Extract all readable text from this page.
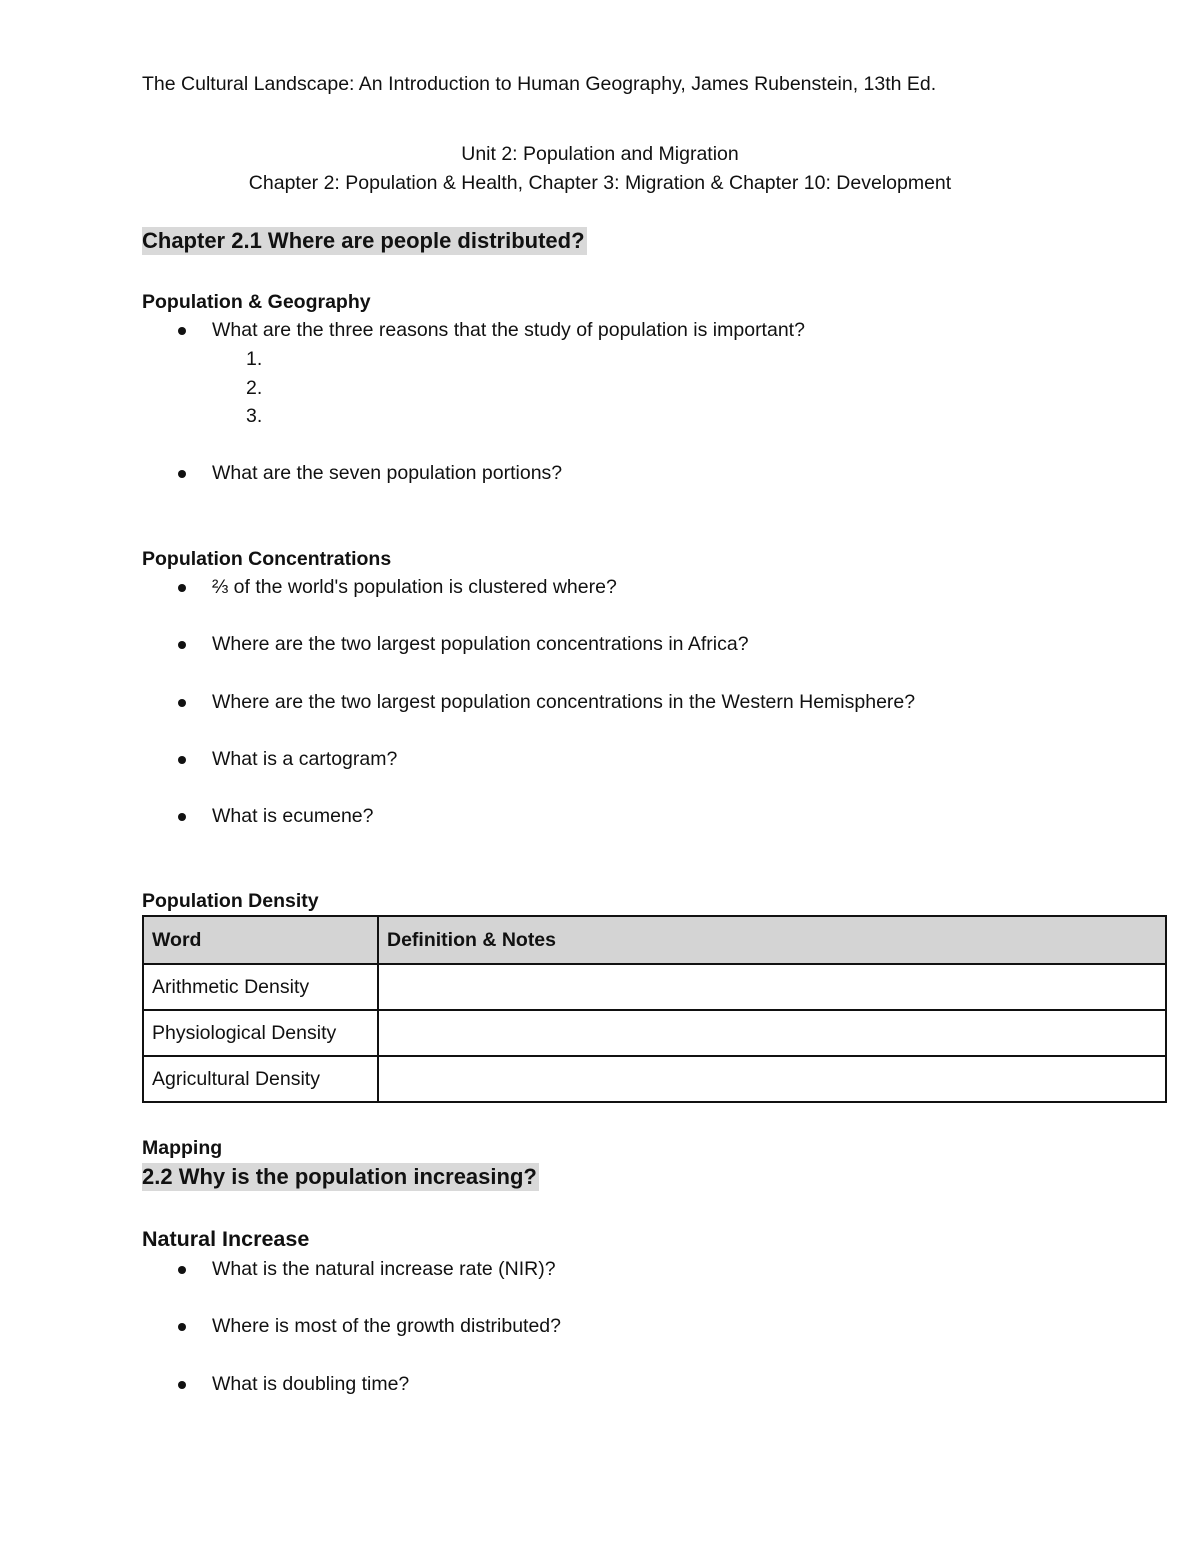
The Cultural Landscape: An Introduction to Human Geography, James Rubenstein, 13th Ed.
Unit 2: Population and Migration
Chapter 2: Population & Health, Chapter 3: Migration & Chapter 10: Development
Chapter 2.1 Where are people distributed?
Population & Geography
What are the three reasons that the study of population is important?
1.
2.
3.
What are the seven population portions?
Population Concentrations
⅔ of the world's population is clustered where?
Where are the two largest population concentrations in Africa?
Where are the two largest population concentrations in the Western Hemisphere?
What is a cartogram?
What is ecumene?
Population Density
Word	Definition & Notes
Arithmetic Density	
Physiological Density	
Agricultural Density	
Mapping
2.2 Why is the population increasing?
Natural Increase
What is the natural increase rate (NIR)?
Where is most of the growth distributed?
What is doubling time?
